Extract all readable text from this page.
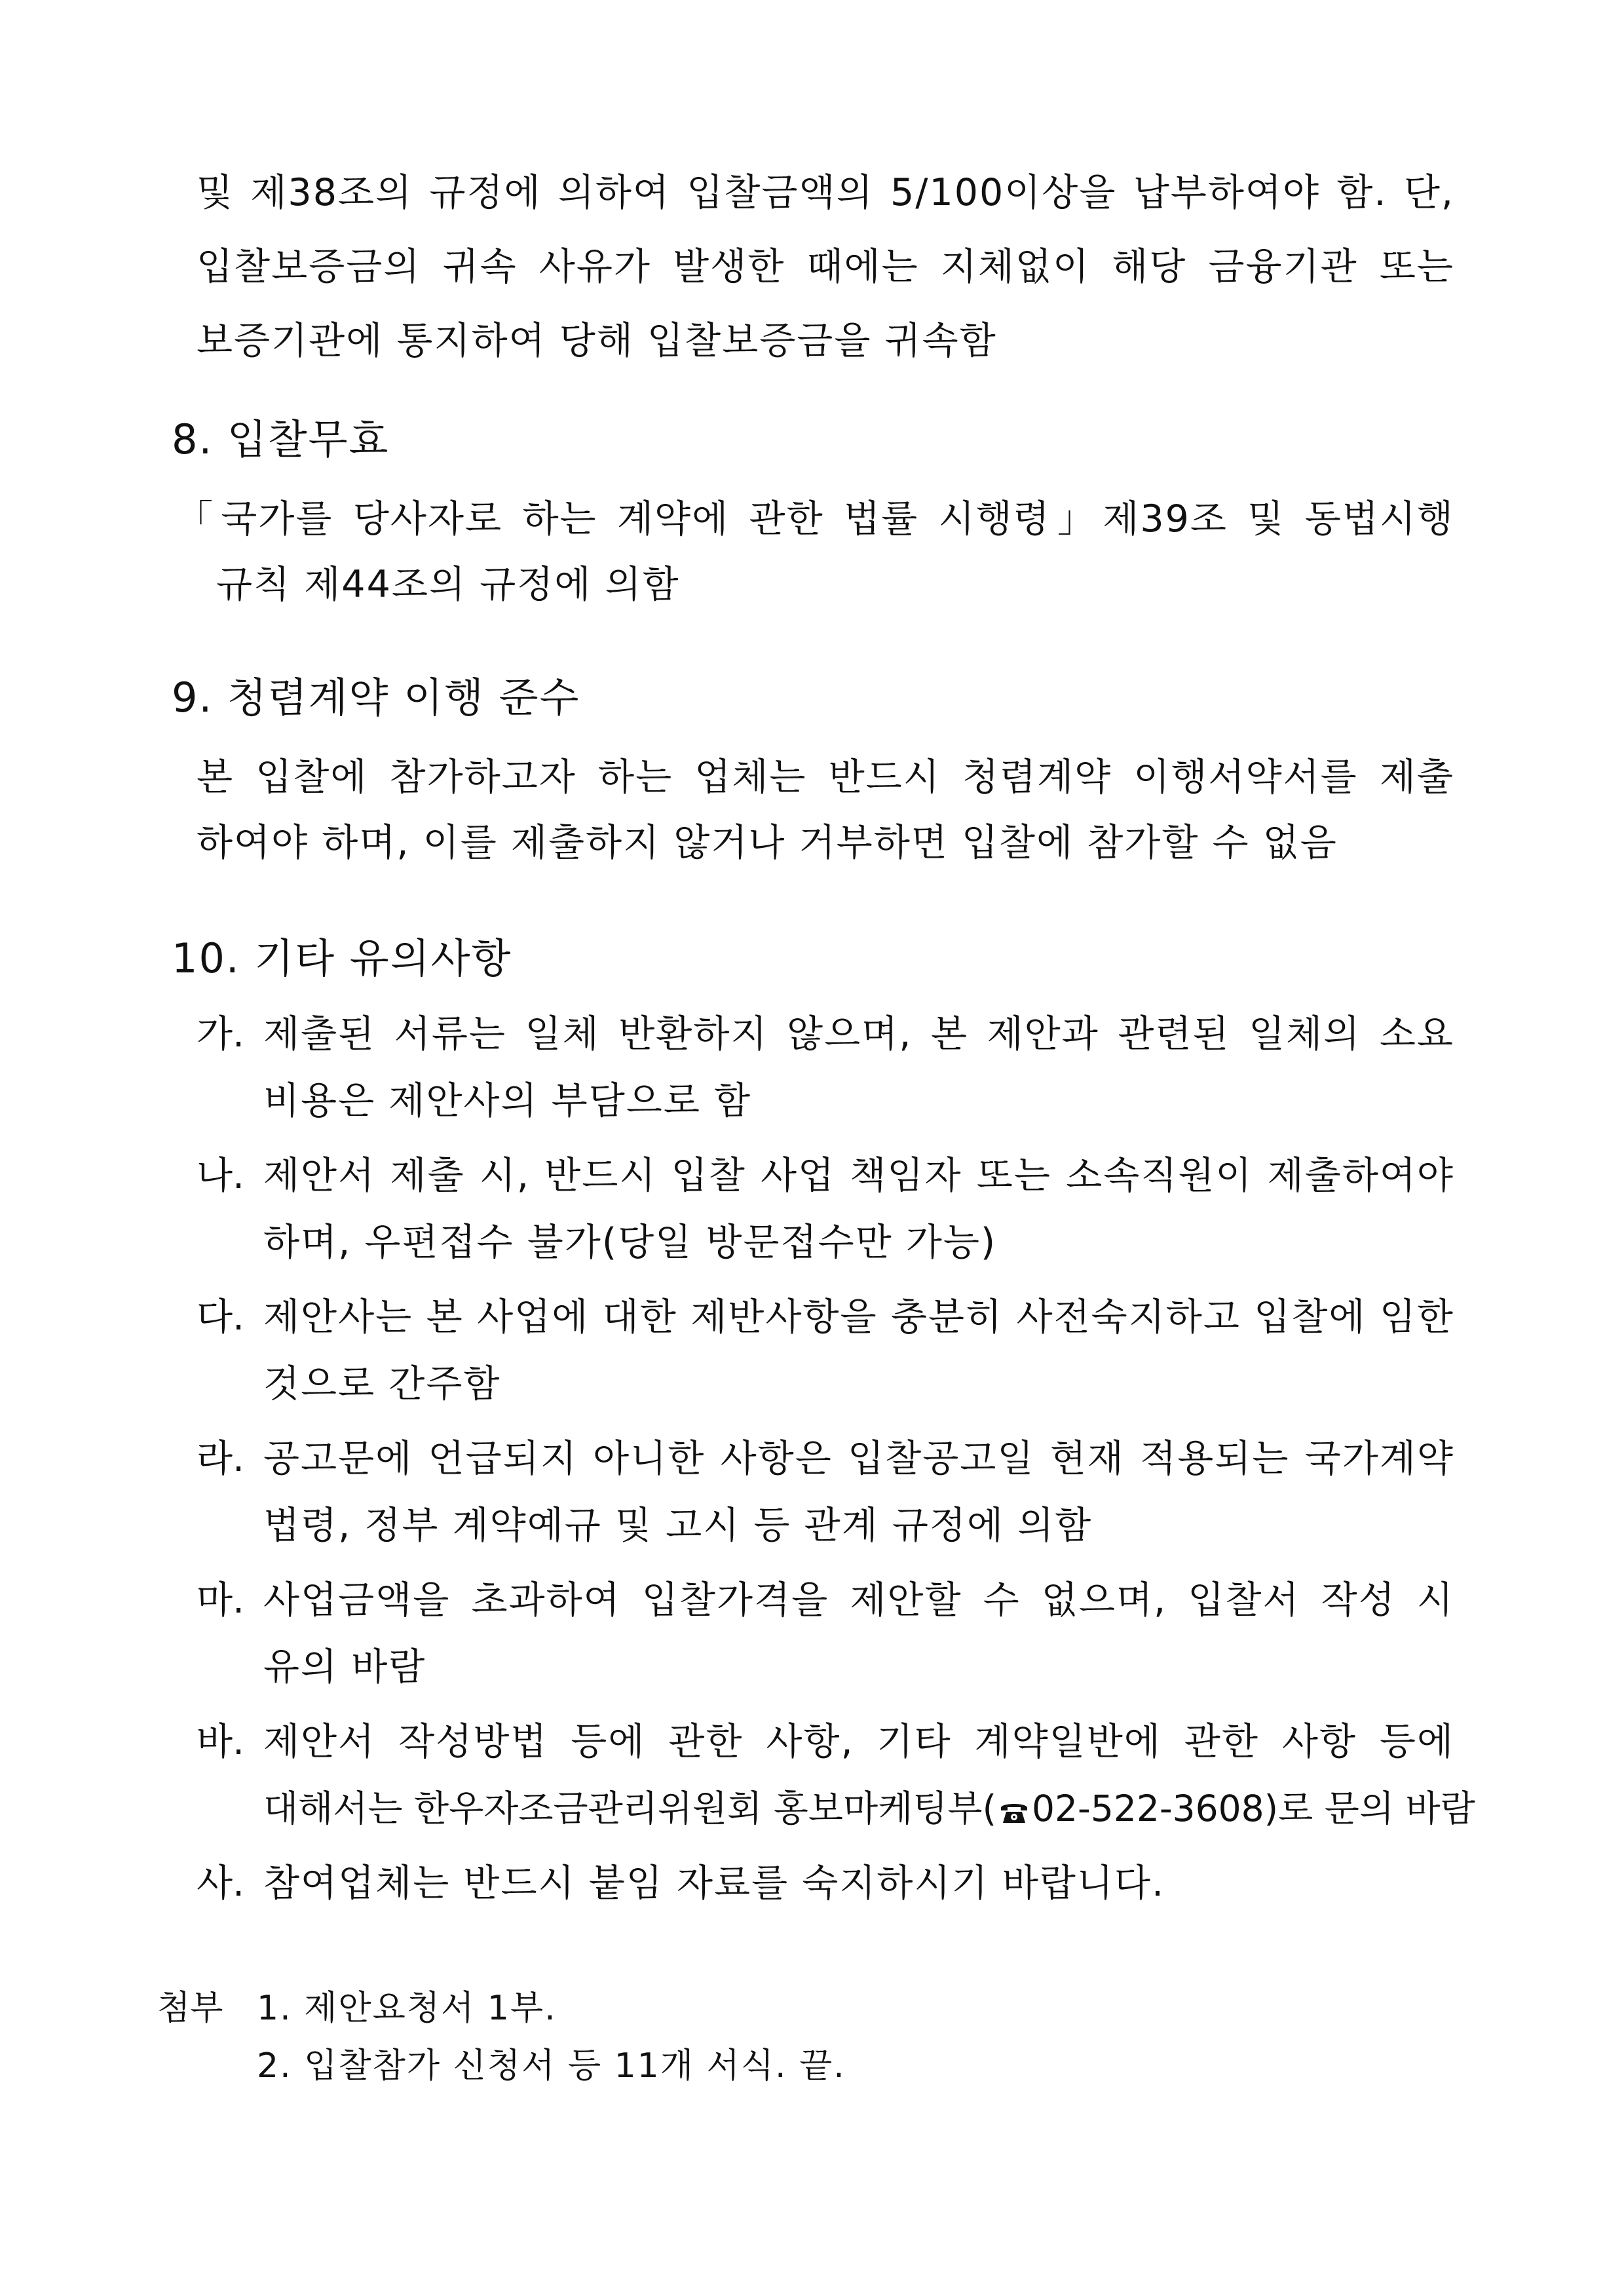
및 제38조의 규정에 의하여 입찰금액의 5/100이상을 납부하여야 함. 단,
입찰보증금의 귀속 사유가 발생한 때에는 지체없이 해당 금융기관 또는
보증기관에 통지하여 당해 입찰보증금을 귀속함
8. 입찰무효
「국가를 당사자로 하는 계약에 관한 법률 시행령」제39조 및 동법시행
규칙 제44조의 규정에 의함
9. 청렴계약 이행 준수
본 입찰에 참가하고자 하는 업체는 반드시 청렴계약 이행서약서를 제출
하여야 하며, 이를 제출하지 않거나 거부하면 입찰에 참가할 수 없음
10. 기타 유의사항
가. 제출된 서류는 일체 반환하지 않으며, 본 제안과 관련된 일체의 소요
비용은 제안사의 부담으로 함
나. 제안서 제출 시, 반드시 입찰 사업 책임자 또는 소속직원이 제출하여야
하며, 우편접수 불가(당일 방문접수만 가능)
다. 제안사는 본 사업에 대한 제반사항을 충분히 사전숙지하고 입찰에 임한
것으로 간주함
라. 공고문에 언급되지 아니한 사항은 입찰공고일 현재 적용되는 국가계약
법령, 정부 계약예규 및 고시 등 관계 규정에 의함
마. 사업금액을 초과하여 입찰가격을 제안할 수 없으며, 입찰서 작성 시
유의 바람
바. 제안서 작성방법 등에 관한 사항, 기타 계약일반에 관한 사항 등에
대해서는 한우자조금관리위원회 홍보마케팅부( 02-522-3608)로 문의 바람
사. 참여업체는 반드시 붙임 자료를 숙지하시기 바랍니다.
첨부 1. 제안요청서 1부.
2. 입찰참가 신청서 등 11개 서식. 끝.
